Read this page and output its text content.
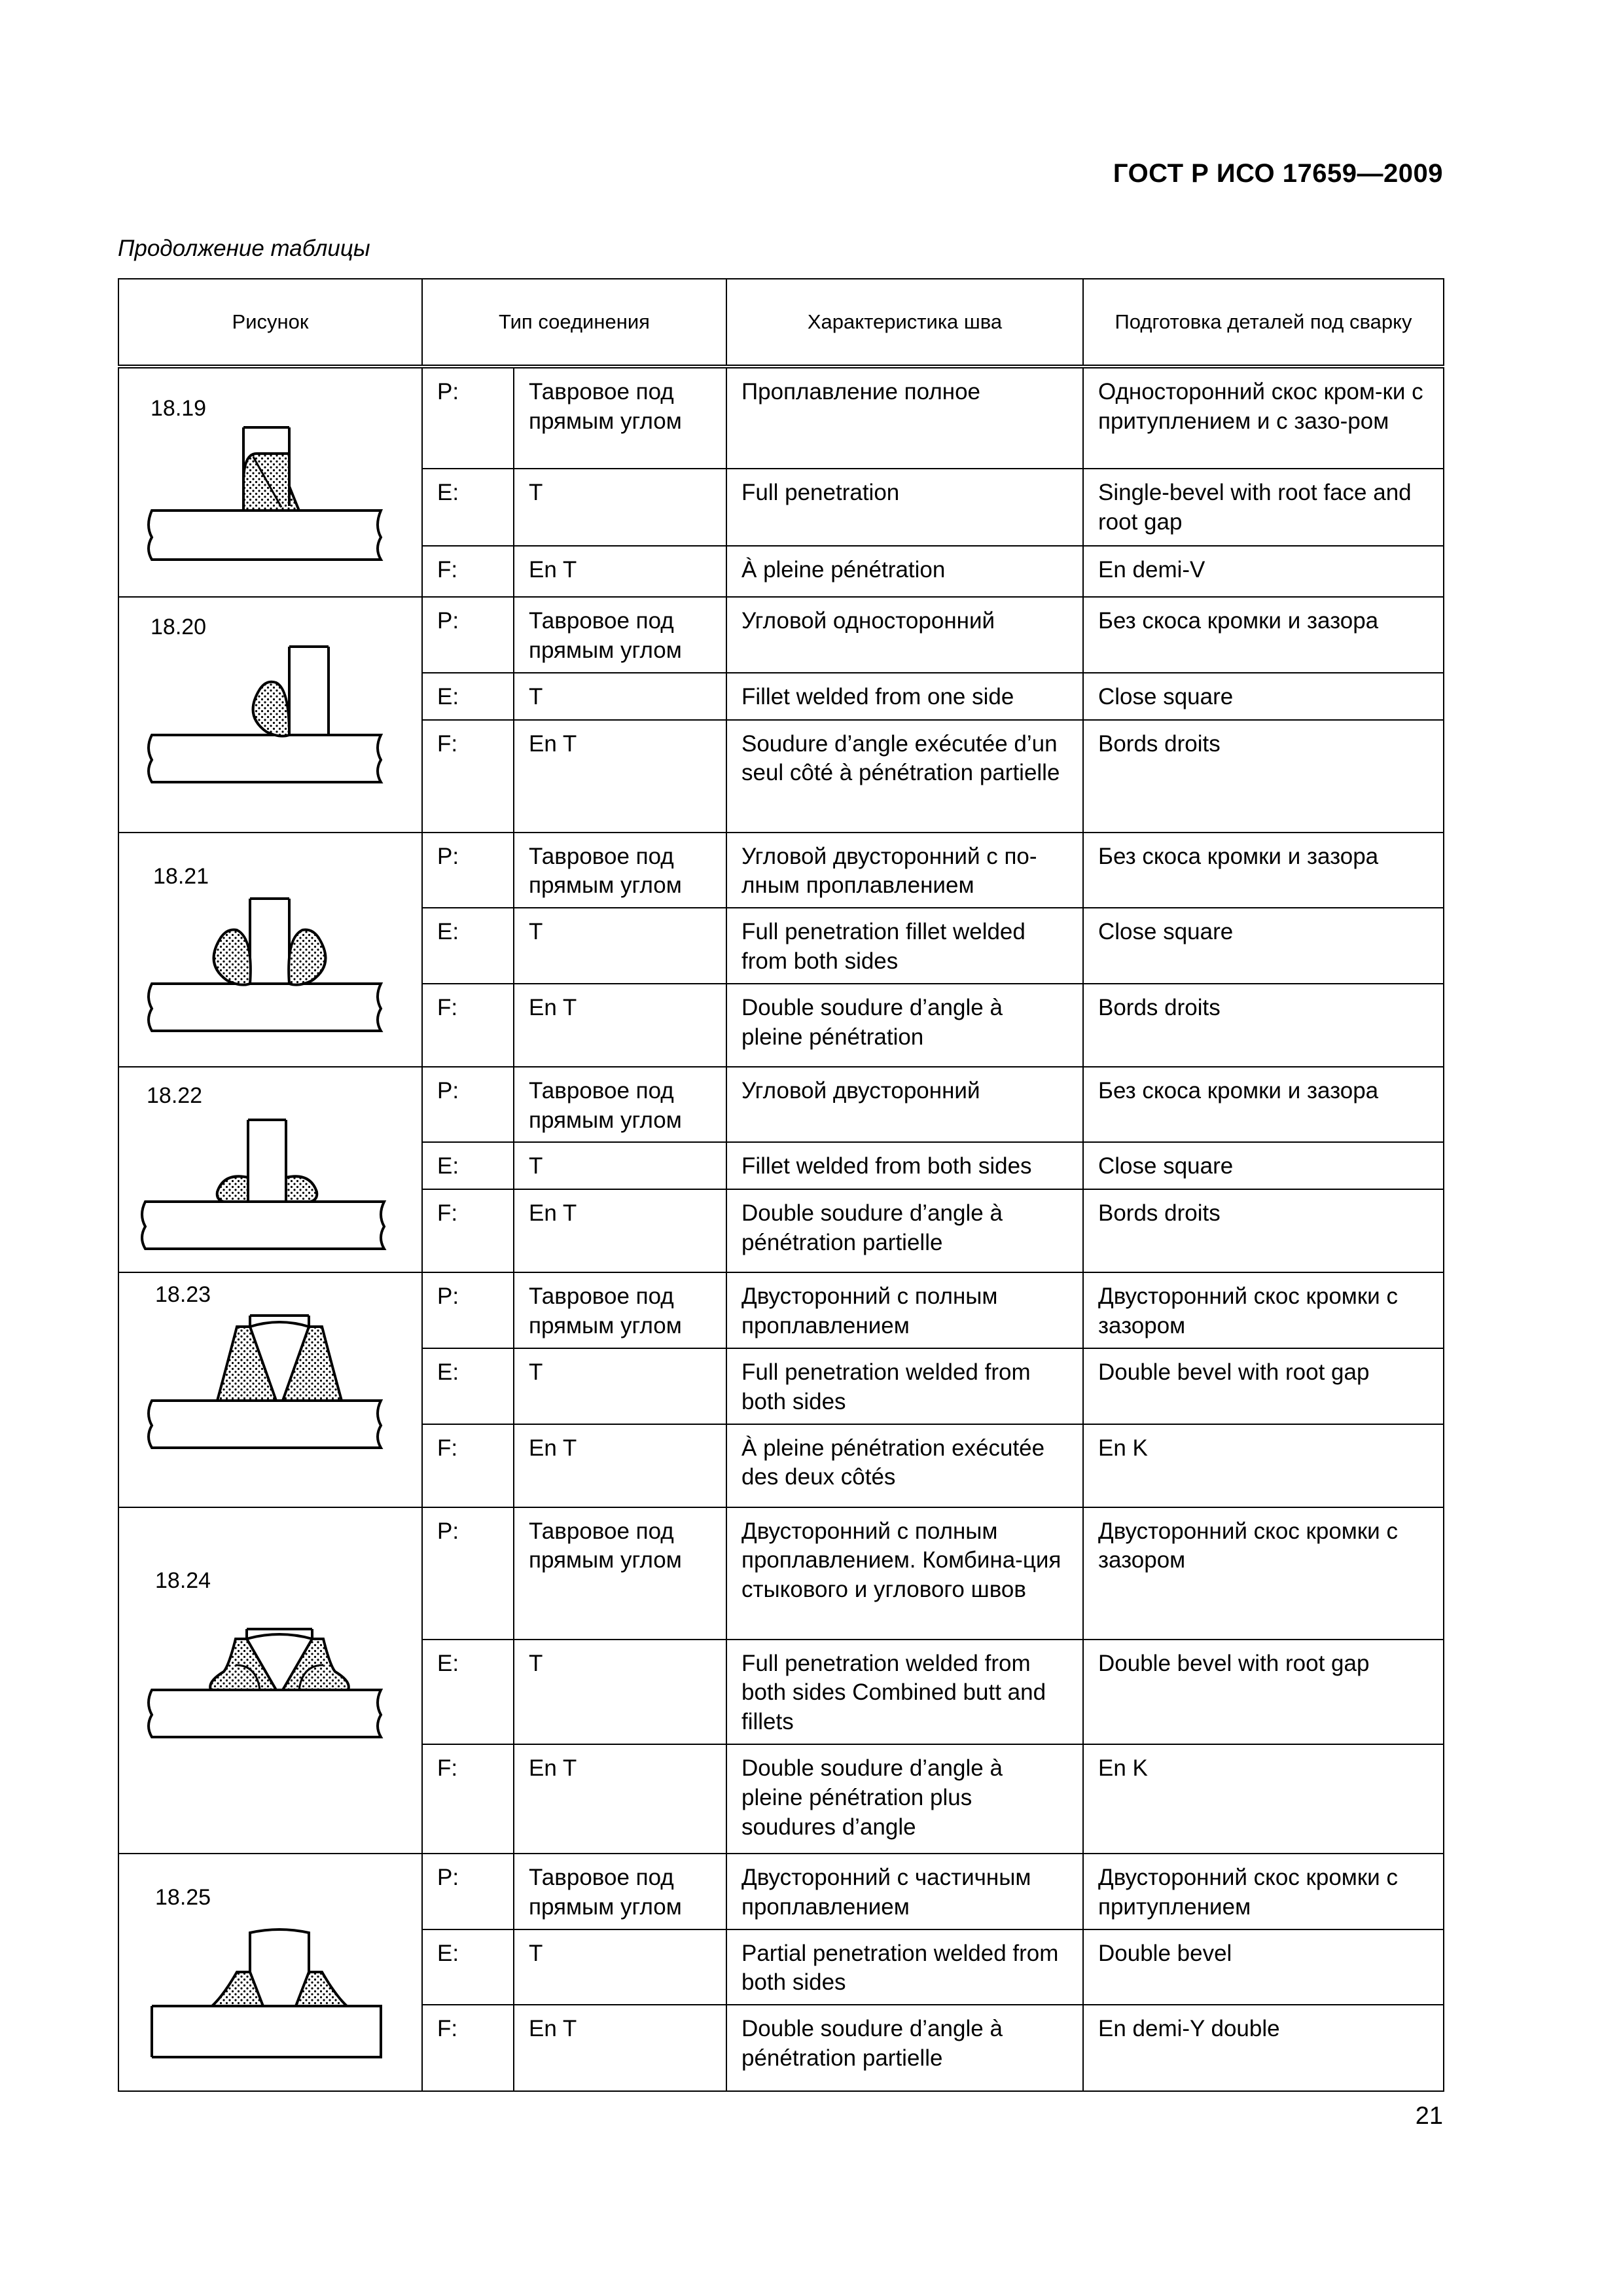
ГОСТ Р ИСО 17659—2009
Продолжение таблицы
Рисунок	Тип соединения		Характеристика шва	Подготовка деталей под сварку

18.19	P:	Тавровое под прямым углом	Проплавление полное	Односторонний скос кром-ки с притуплением и с зазо-ром

	E:	T	Full penetration	Single-bevel with root face and root gap

	F:	En T	À pleine pénétration	En demi-V

18.20	P:	Тавровое под прямым углом	Угловой односторонний	Без скоса кромки и зазора

	E:	T	Fillet welded from one side	Close square

	F:	En T	Soudure d’angle exécutée d’un seul côté à pénétration partielle	Bords droits

18.21	P:	Тавровое под прямым углом	Угловой двусторонний с по-лным проплавлением	Без скоса кромки и зазора

	E:	T	Full penetration fillet welded from both sides	Close square

	F:	En T	Double soudure d’angle à pleine pénétration	Bords droits

18.22	P:	Тавровое под прямым углом	Угловой двусторонний	Без скоса кромки и зазора

	E:	T	Fillet welded from both sides	Close square

	F:	En T	Double soudure d’angle à pénétration partielle	Bords droits

18.23	P:	Тавровое под прямым углом	Двусторонний с полным проплавлением	Двусторонний скос кромки с зазором

	E:	T	Full penetration welded from both sides	Double bevel with root gap

	F:	En T	À pleine pénétration exécutée des deux côtés	En K

18.24	P:	Тавровое под прямым углом	Двусторонний с полным проплавлением. Комбина-ция стыкового и углового швов	Двусторонний скос кромки с зазором

	E:	T	Full penetration welded from both sides Combined butt and fillets	Double bevel with root gap

	F:	En T	Double soudure d’angle à pleine pénétration plus soudures d’angle	En K

18.25	P:	Тавровое под прямым углом	Двусторонний с частичным проплавлением	Двусторонний скос кромки с притуплением

	E:	T	Partial penetration welded from both sides	Double bevel

	F:	En T	Double soudure d’angle à pénétration partielle	En demi-Y double
21
